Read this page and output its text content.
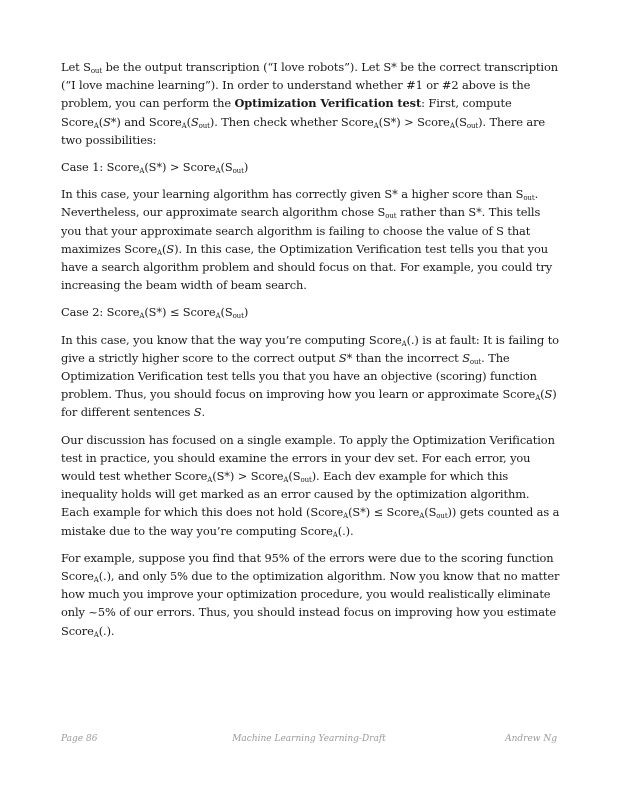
Let $S_{out}$ be the output transcription (“I love robots”). Let S* be the correct transcription (“I love machine learning”). In order to understand whether #1 or #2 above is the problem, you can perform the Optimization Verification test: First, compute Score$_A$(S*) and $Score_A(S_{out})$. Then check whether Score$_A$(S*) > $Score_A(S_{out})$. There are two possibilities:

Case 1: Score$_A$(S*) > $Score_A(S_{out})$

In this case, your learning algorithm has correctly given S* a higher score than $S_{out}$. Nevertheless, our approximate search algorithm chose $S_{out}$ rather than S*. This tells you that your approximate search algorithm is failing to choose the value of S that maximizes Score$_A$(S). In this case, the Optimization Verification test tells you that you have a search algorithm problem and should focus on that. For example, you could try increasing the beam width of beam search.

Case 2: Score$_A$(S*) ≤ $Score_A(S_{out})$

In this case, you know that the way you’re computing Score$_A$(.) is at fault: It is failing to give a strictly higher score to the correct output S* than the incorrect $S_{out}$. The Optimization Verification test tells you that you have an objective (scoring) function problem. Thus, you should focus on improving how you learn or approximate Score$_A$(S) for different sentences S.

Our discussion has focused on a single example. To apply the Optimization Verification test in practice, you should examine the errors in your dev set. For each error, you would test whether Score$_A$(S*) > $Score_A(S_{out})$. Each dev example for which this inequality holds will get marked as an error caused by the optimization algorithm. Each example for which this does not hold (Score$_A$(S*) ≤ $Score_A(S_{out})$) gets counted as a mistake due to the way you’re computing Score$_A$(.).

For example, suppose you find that 95% of the errors were due to the scoring function Score$_A$(.), and only 5% due to the optimization algorithm. Now you know that no matter how much you improve your optimization procedure, you would realistically eliminate only ~5% of our errors. Thus, you should instead focus on improving how you estimate Score$_A$(.).

Page 86	Machine Learning Yearning-Draft	Andrew Ng
